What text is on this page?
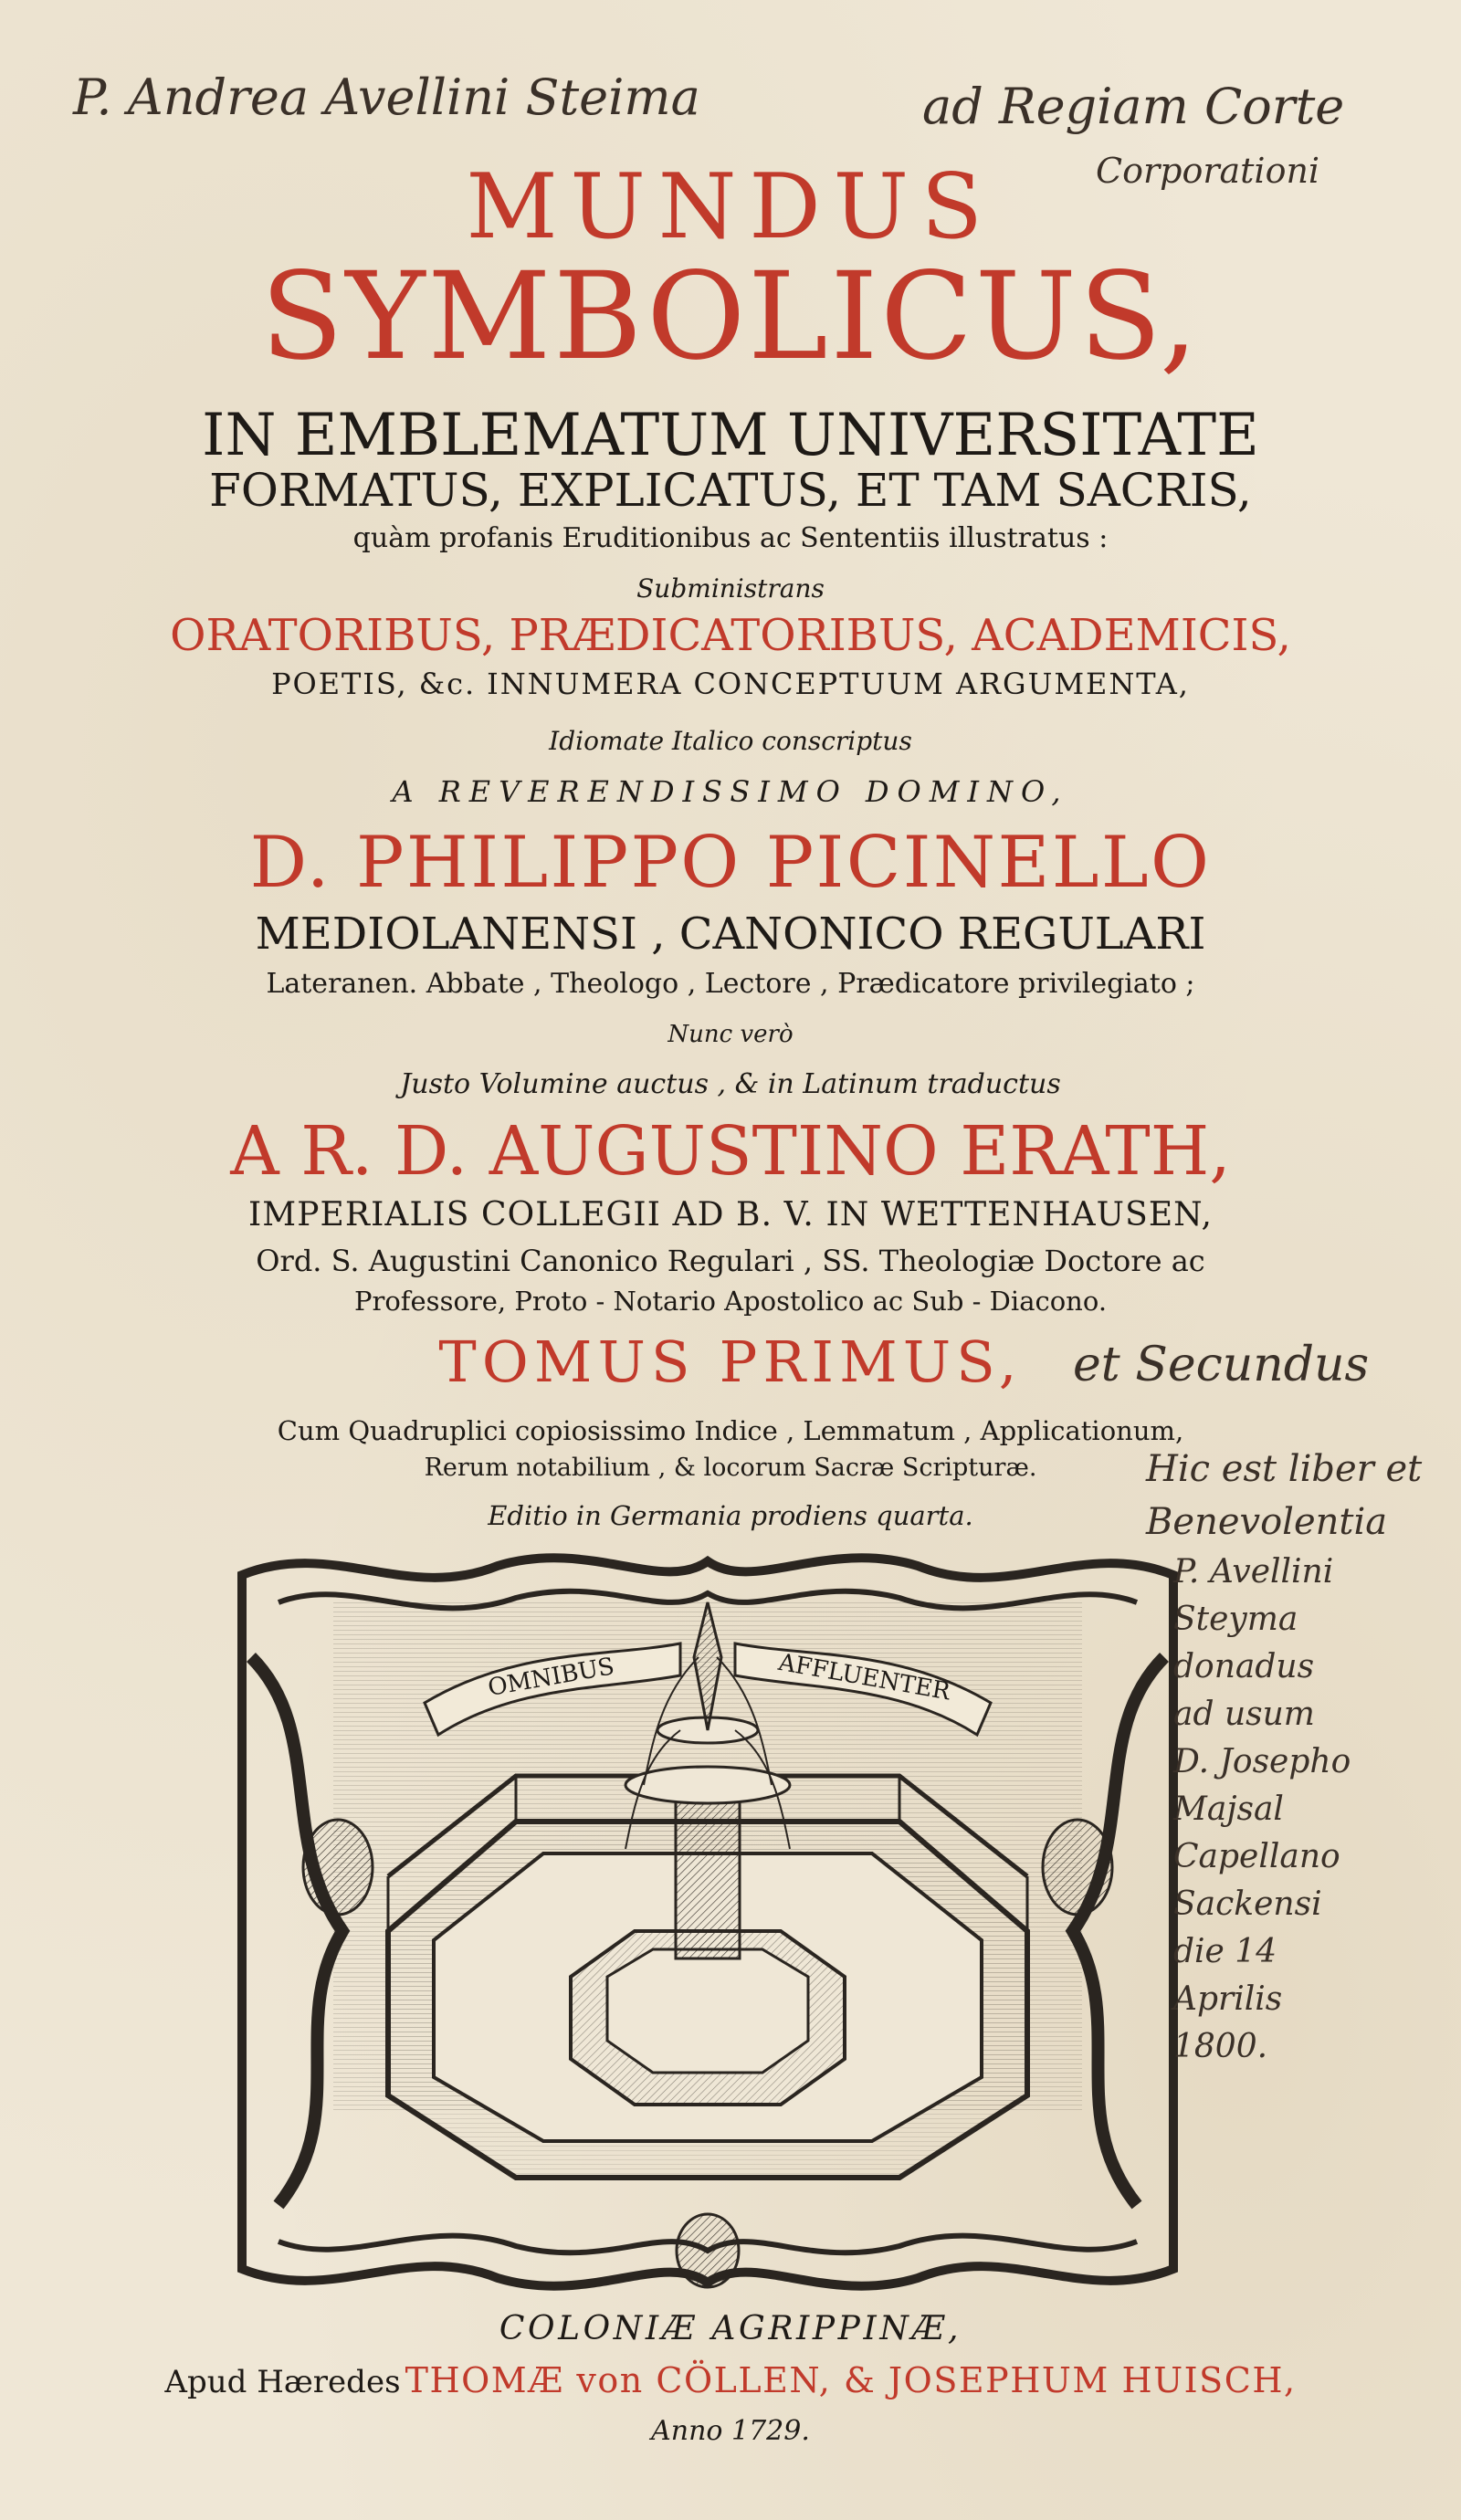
P. Andrea Avellini Steima	ad Regiam Corte
Corporationi
MUNDUS
SYMBOLICUS,
IN EMBLEMATUM UNIVERSITATE
FORMATUS, EXPLICATUS, ET TAM SACRIS,
quàm profanis Eruditionibus ac Sententiis illustratus :
Subministrans
ORATORIBUS, PRÆDICATORIBUS, ACADEMICIS,
POETIS, &c. INNUMERA CONCEPTUUM ARGUMENTA,
Idiomate Italico conscriptus
A REVERENDISSIMO DOMINO,
D. PHILIPPO PICINELLO
MEDIOLANENSI , CANONICO REGULARI
Lateranen. Abbate , Theologo , Lectore , Prædicatore privilegiato ;
Nunc verò
Justo Volumine auctus , & in Latinum traductus
A R. D. AUGUSTINO ERATH,
IMPERIALIS COLLEGII AD B. V. IN WETTENHAUSEN,
Ord. S. Augustini Canonico Regulari , SS. Theologiæ Doctore ac
Professore, Proto - Notario Apostolico ac Sub - Diacono.
TOMUS PRIMUS,	et Secundus
Cum Quadruplici copiosissimo Indice , Lemmatum , Applicationum,
Rerum notabilium , & locorum Sacræ Scripturæ.
Editio in Germania prodiens quarta.
OMNIBUS	AFFLUENTER
Hic est liber et
Benevolentia
P. Avellini
Steyma
donadus
ad usum
D. Josepho
Majsal
Capellano
Sackensi
die 14
Aprilis
1800.
COLONIÆ AGRIPPINÆ,
Apud Hæredes THOMÆ von CÖLLEN, & JOSEPHUM HUISCH,
Anno 1729.
